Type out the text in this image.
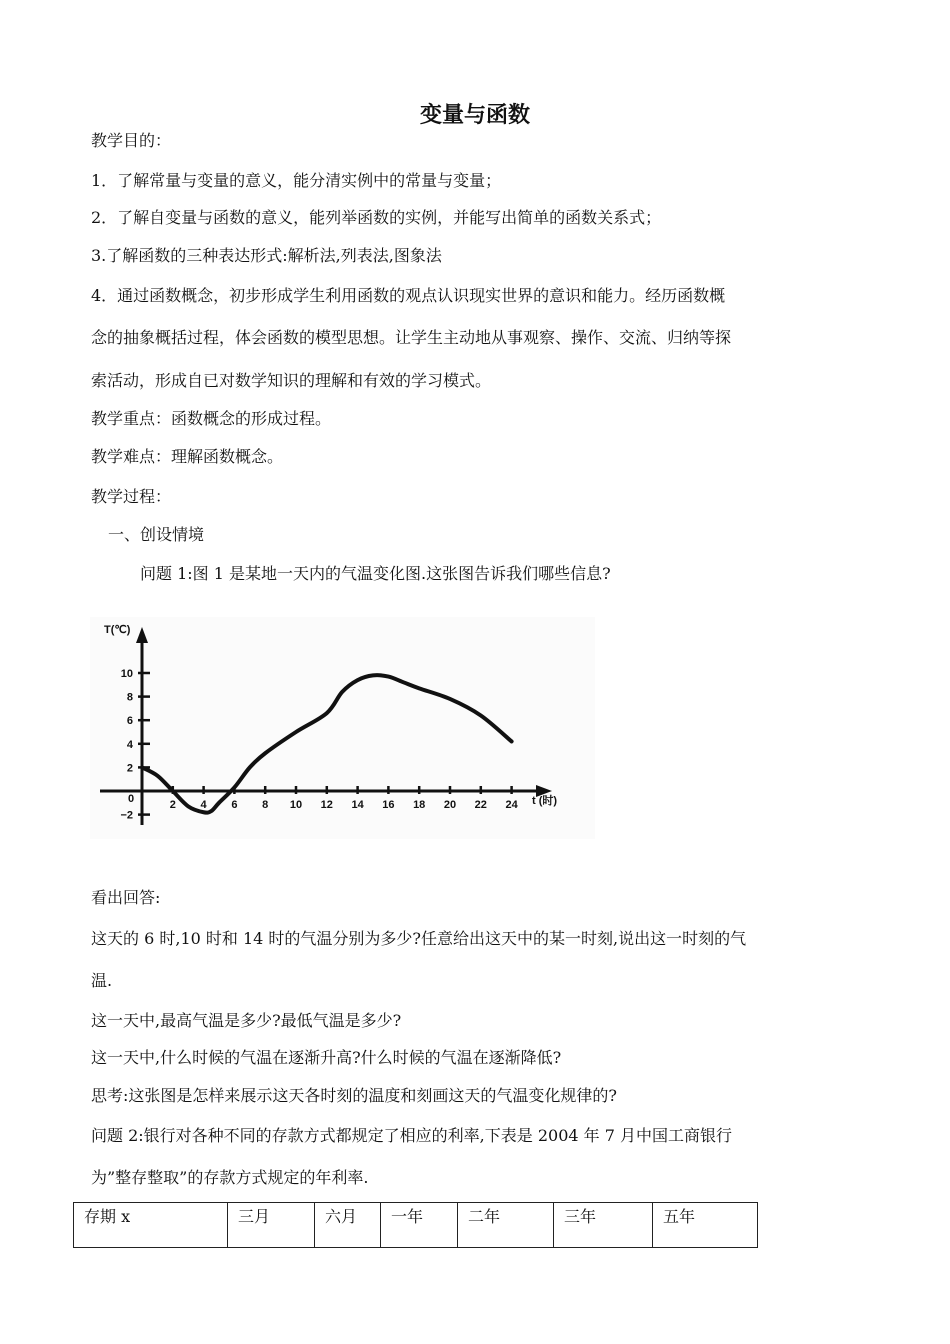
变量与函数

教学目的：

1．了解常量与变量的意义，能分清实例中的常量与变量；

2．了解自变量与函数的意义，能列举函数的实例，并能写出简单的函数关系式；

3.了解函数的三种表达形式:解析法,列表法,图象法

4．通过函数概念，初步形成学生利用函数的观点认识现实世界的意识和能力。经历函数概

念的抽象概括过程，体会函数的模型思想。让学生主动地从事观察、操作、交流、归纳等探

索活动，形成自已对数学知识的理解和有效的学习模式。

教学重点：函数概念的形成过程。

教学难点：理解函数概念。

教学过程：

一、创设情境

问题 1:图 1 是某地一天内的气温变化图.这张图告诉我们哪些信息?

2 4 6 8 10 12 14 16 18 20 22 24
10
8
6
4
2
−2
T(℃)
t (时)
0

看出回答:

这天的 6 时,10 时和 14 时的气温分别为多少?任意给出这天中的某一时刻,说出这一时刻的气

温.

这一天中,最高气温是多少?最低气温是多少?

这一天中,什么时候的气温在逐渐升高?什么时候的气温在逐渐降低?

思考:这张图是怎样来展示这天各时刻的温度和刻画这天的气温变化规律的?

问题 2:银行对各种不同的存款方式都规定了相应的利率,下表是 2004 年 7 月中国工商银行

为”整存整取”的存款方式规定的年利率.

存期 x	三月	六月	一年	二年	三年	五年
